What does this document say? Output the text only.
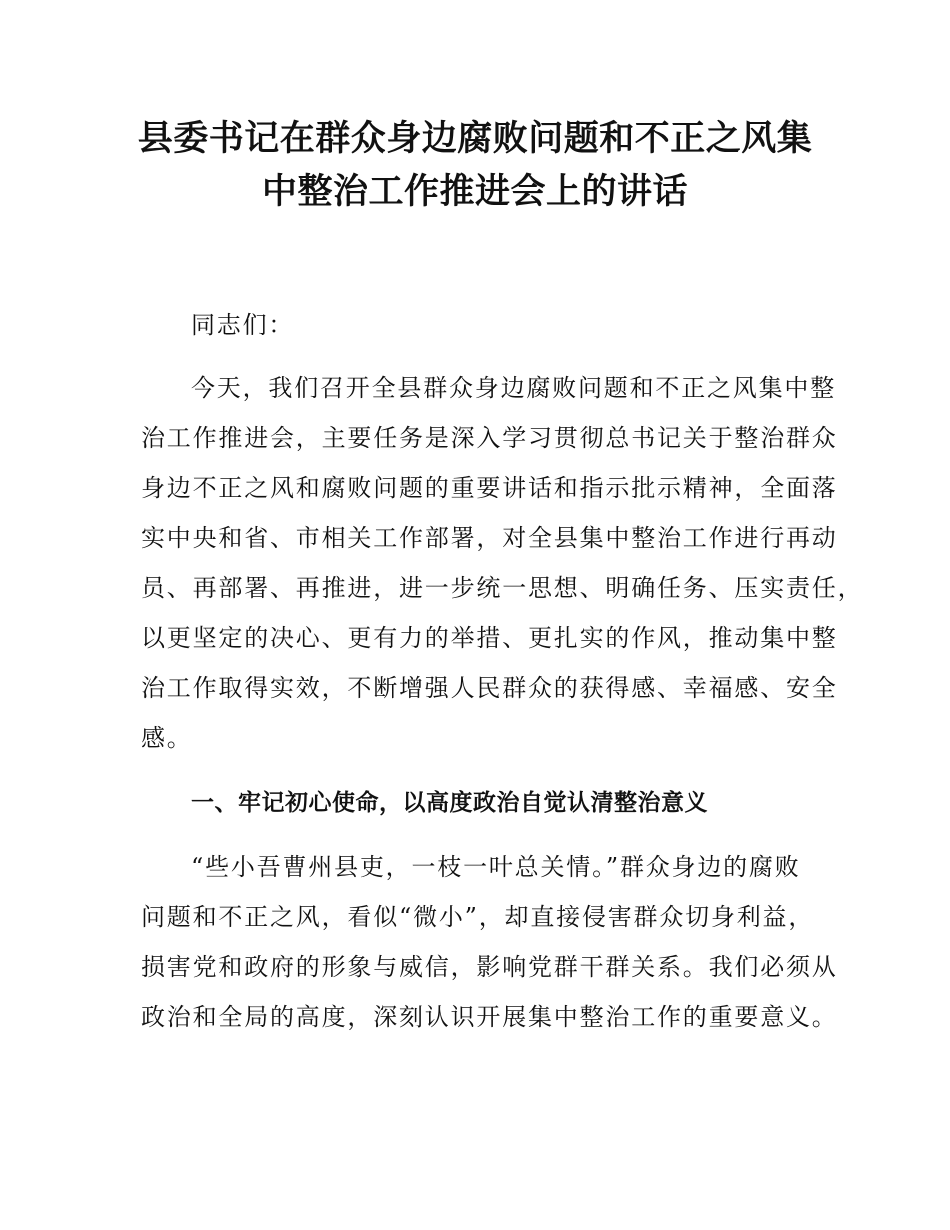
县委书记在群众身边腐败问题和不正之风集
中整治工作推进会上的讲话

同志们：

今天，我们召开全县群众身边腐败问题和不正之风集中整
治工作推进会，主要任务是深入学习贯彻总书记关于整治群众
身边不正之风和腐败问题的重要讲话和指示批示精神，全面落
实中央和省、市相关工作部署，对全县集中整治工作进行再动
员、再部署、再推进，进一步统一思想、明确任务、压实责任，
以更坚定的决心、更有力的举措、更扎实的作风，推动集中整
治工作取得实效，不断增强人民群众的获得感、幸福感、安全
感。

一、牢记初心使命，以高度政治自觉认清整治意义

“些小吾曹州县吏，一枝一叶总关情。”群众身边的腐败
问题和不正之风，看似“微小”，却直接侵害群众切身利益，
损害党和政府的形象与威信，影响党群干群关系。我们必须从
政治和全局的高度，深刻认识开展集中整治工作的重要意义。
